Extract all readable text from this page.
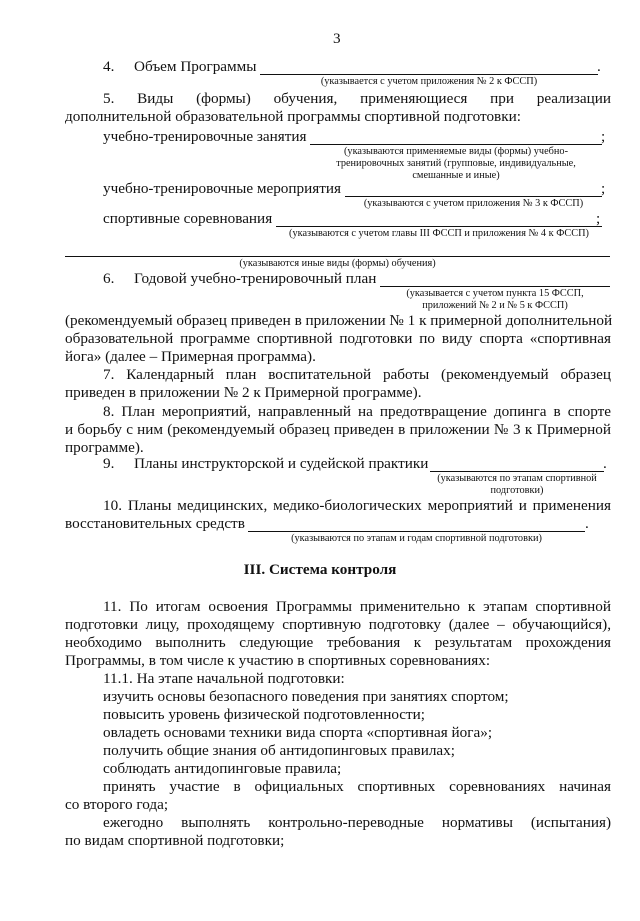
3
4. Объем Программы	.
(указывается с учетом приложения № 2 к ФССП)
5. Виды (формы) обучения, применяющиеся при реализации
дополнительной образовательной программы спортивной подготовки:
учебно-тренировочные занятия	;
(указываются применяемые виды (формы) учебно-
тренировочных занятий (групповые, индивидуальные,
смешанные и иные)
учебно-тренировочные мероприятия	;
(указываются с учетом приложения № 3 к ФССП)
спортивные соревнования	;
(указываются с учетом главы III ФССП и приложения № 4 к ФССП)
(указываются иные виды (формы) обучения)
6. Годовой учебно-тренировочный план
(указывается с учетом пункта 15 ФССП,
приложений № 2 и № 5 к ФССП)
(рекомендуемый образец приведен в приложении № 1 к примерной дополнительной
образовательной программе спортивной подготовки по виду спорта «спортивная
йога» (далее – Примерная программа).
7. Календарный план воспитательной работы (рекомендуемый образец
приведен в приложении № 2 к Примерной программе).
8. План мероприятий, направленный на предотвращение допинга в спорте
и борьбу с ним (рекомендуемый образец приведен в приложении № 3 к Примерной
программе).
9. Планы инструкторской и судейской практики	.
(указываются по этапам спортивной
подготовки)
10. Планы медицинских, медико-биологических мероприятий и применения
восстановительных средств	.
(указываются по этапам и годам спортивной подготовки)
III. Система контроля
11. По итогам освоения Программы применительно к этапам спортивной
подготовки лицу, проходящему спортивную подготовку (далее – обучающийся),
необходимо выполнить следующие требования к результатам прохождения
Программы, в том числе к участию в спортивных соревнованиях:
11.1. На этапе начальной подготовки:
изучить основы безопасного поведения при занятиях спортом;
повысить уровень физической подготовленности;
овладеть основами техники вида спорта «спортивная йога»;
получить общие знания об антидопинговых правилах;
соблюдать антидопинговые правила;
принять участие в официальных спортивных соревнованиях начиная
со второго года;
ежегодно выполнять контрольно-переводные нормативы (испытания)
по видам спортивной подготовки;
